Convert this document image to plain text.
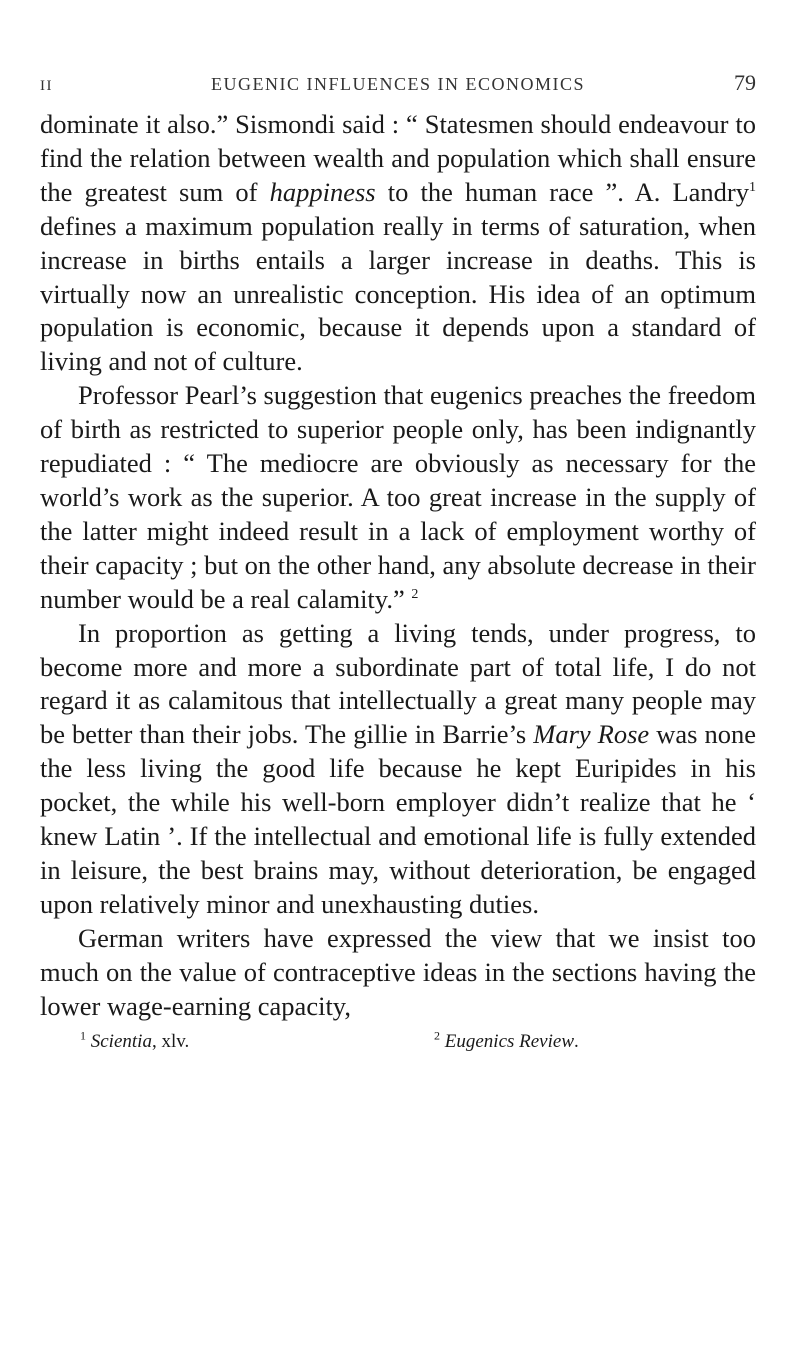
II	EUGENIC INFLUENCES IN ECONOMICS	79

dominate it also.” Sismondi said : “ Statesmen should endeavour to find the relation between wealth and population which shall ensure the greatest sum of happiness to the human race ”. A. Landry$^1$ defines a maximum population really in terms of saturation, when increase in births entails a larger increase in deaths. This is virtually now an unrealistic conception. His idea of an optimum population is economic, because it depends upon a standard of living and not of culture.

Professor Pearl’s suggestion that eugenics preaches the freedom of birth as restricted to superior people only, has been indignantly repudiated : “ The mediocre are obviously as necessary for the world’s work as the superior. A too great increase in the supply of the latter might indeed result in a lack of employment worthy of their capacity ; but on the other hand, any absolute decrease in their number would be a real calamity.” $^2$

In proportion as getting a living tends, under progress, to become more and more a subordinate part of total life, I do not regard it as calamitous that intellectually a great many people may be better than their jobs. The gillie in Barrie’s Mary Rose was none the less living the good life because he kept Euripides in his pocket, the while his well-born employer didn’t realize that he ‘ knew Latin ’. If the intellectual and emotional life is fully extended in leisure, the best brains may, without deterioration, be engaged upon relatively minor and unexhausting duties.

German writers have expressed the view that we insist too much on the value of contraceptive ideas in the sections having the lower wage-earning capacity,

$^1$ Scientia, xlv.	$^2$ Eugenics Review.
